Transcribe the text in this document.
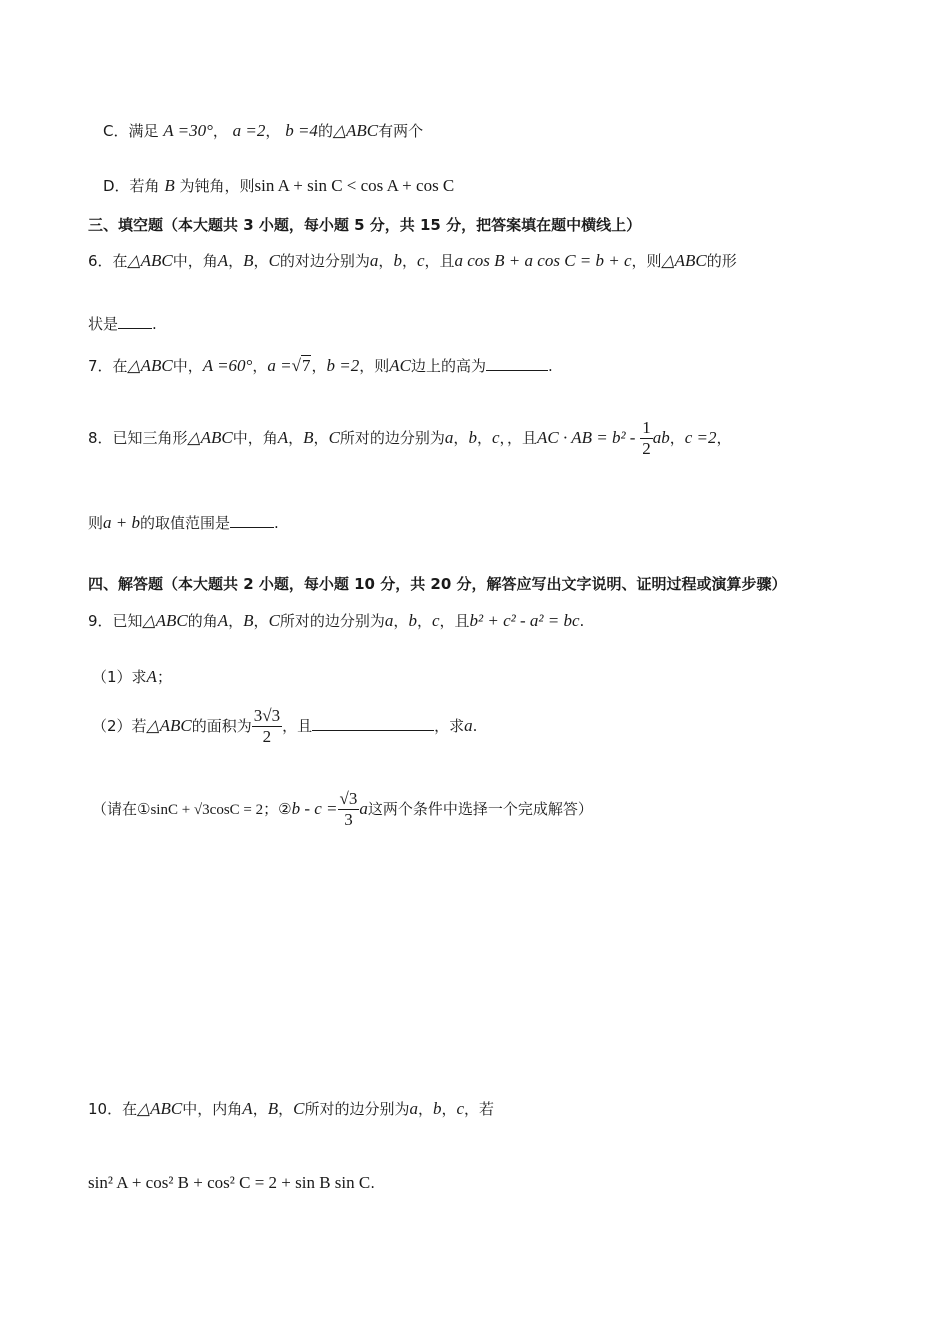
C．满足 A =30°， a =2， b =4的△ABC有两个
D．若角 B 为钝角，则sin A + sin C < cos A + cos C
三、填空题（本大题共 3 小题，每小题 5 分，共 15 分，把答案填在题中横线上）
6．在△ABC中，角A，B，C的对边分别为a，b，c，且a cos B + a cos C = b + c，则△ABC的形
状是 .
7．在△ABC中，A =60°，a =√7，b =2，则AC边上的高为	.
8．已知三角形△ABC中，角A，B，C所对的边分别为a，b，c，，且AC · AB = $b^2 - \frac{1}{2}$ ab，c =2，
则a + b的取值范围是	.
四、解答题（本大题共 2 小题，每小题 10 分，共 20 分，解答应写出文字说明、证明过程或演算步骤）
9．已知△ABC的角A，B，C所对的边分别为a，b，c，且b² + c² - a² = bc.
（1）求A；
（2）若△ABC的面积为 $\frac{3√3}{2}$ ，且	，求a.
（请在①sinC + √3cosC = 2；②b - $c = \frac{√3}{3}$ a这两个条件中选择一个完成解答）
10．在△ABC中，内角A，B，C所对的边分别为a，b，c，若
sin² A + cos² B + cos² C = 2 + sin B sin C.
